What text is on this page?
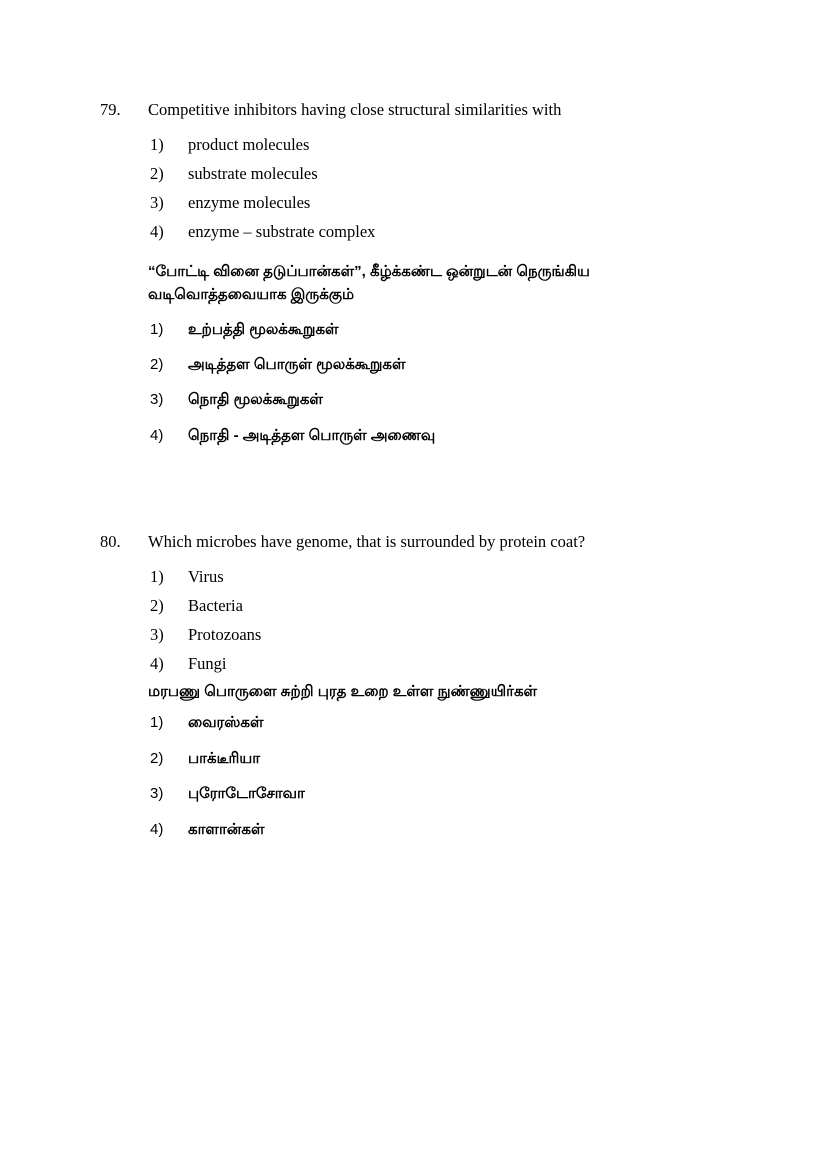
79. Competitive inhibitors having close structural similarities with
1) product molecules
2) substrate molecules
3) enzyme molecules
4) enzyme – substrate complex
“போட்டி வினை தடுப்பான்கள்”, கீழ்க்கண்ட ஒன்றுடன் நெருங்கிய
வடிவொத்தவையாக இருக்கும்
1) உற்பத்தி மூலக்கூறுகள்
2) அடித்தள பொருள் மூலக்கூறுகள்
3) நொதி மூலக்கூறுகள்
4) நொதி - அடித்தள பொருள் அணைவு
80. Which microbes have genome, that is surrounded by protein coat?
1) Virus
2) Bacteria
3) Protozoans
4) Fungi
மரபணு பொருளை சுற்றி புரத உறை உள்ள நுண்ணுயிர்கள்
1) வைரஸ்கள்
2) பாக்டீரியா
3) புரோடோசோவா
4) காளான்கள்
